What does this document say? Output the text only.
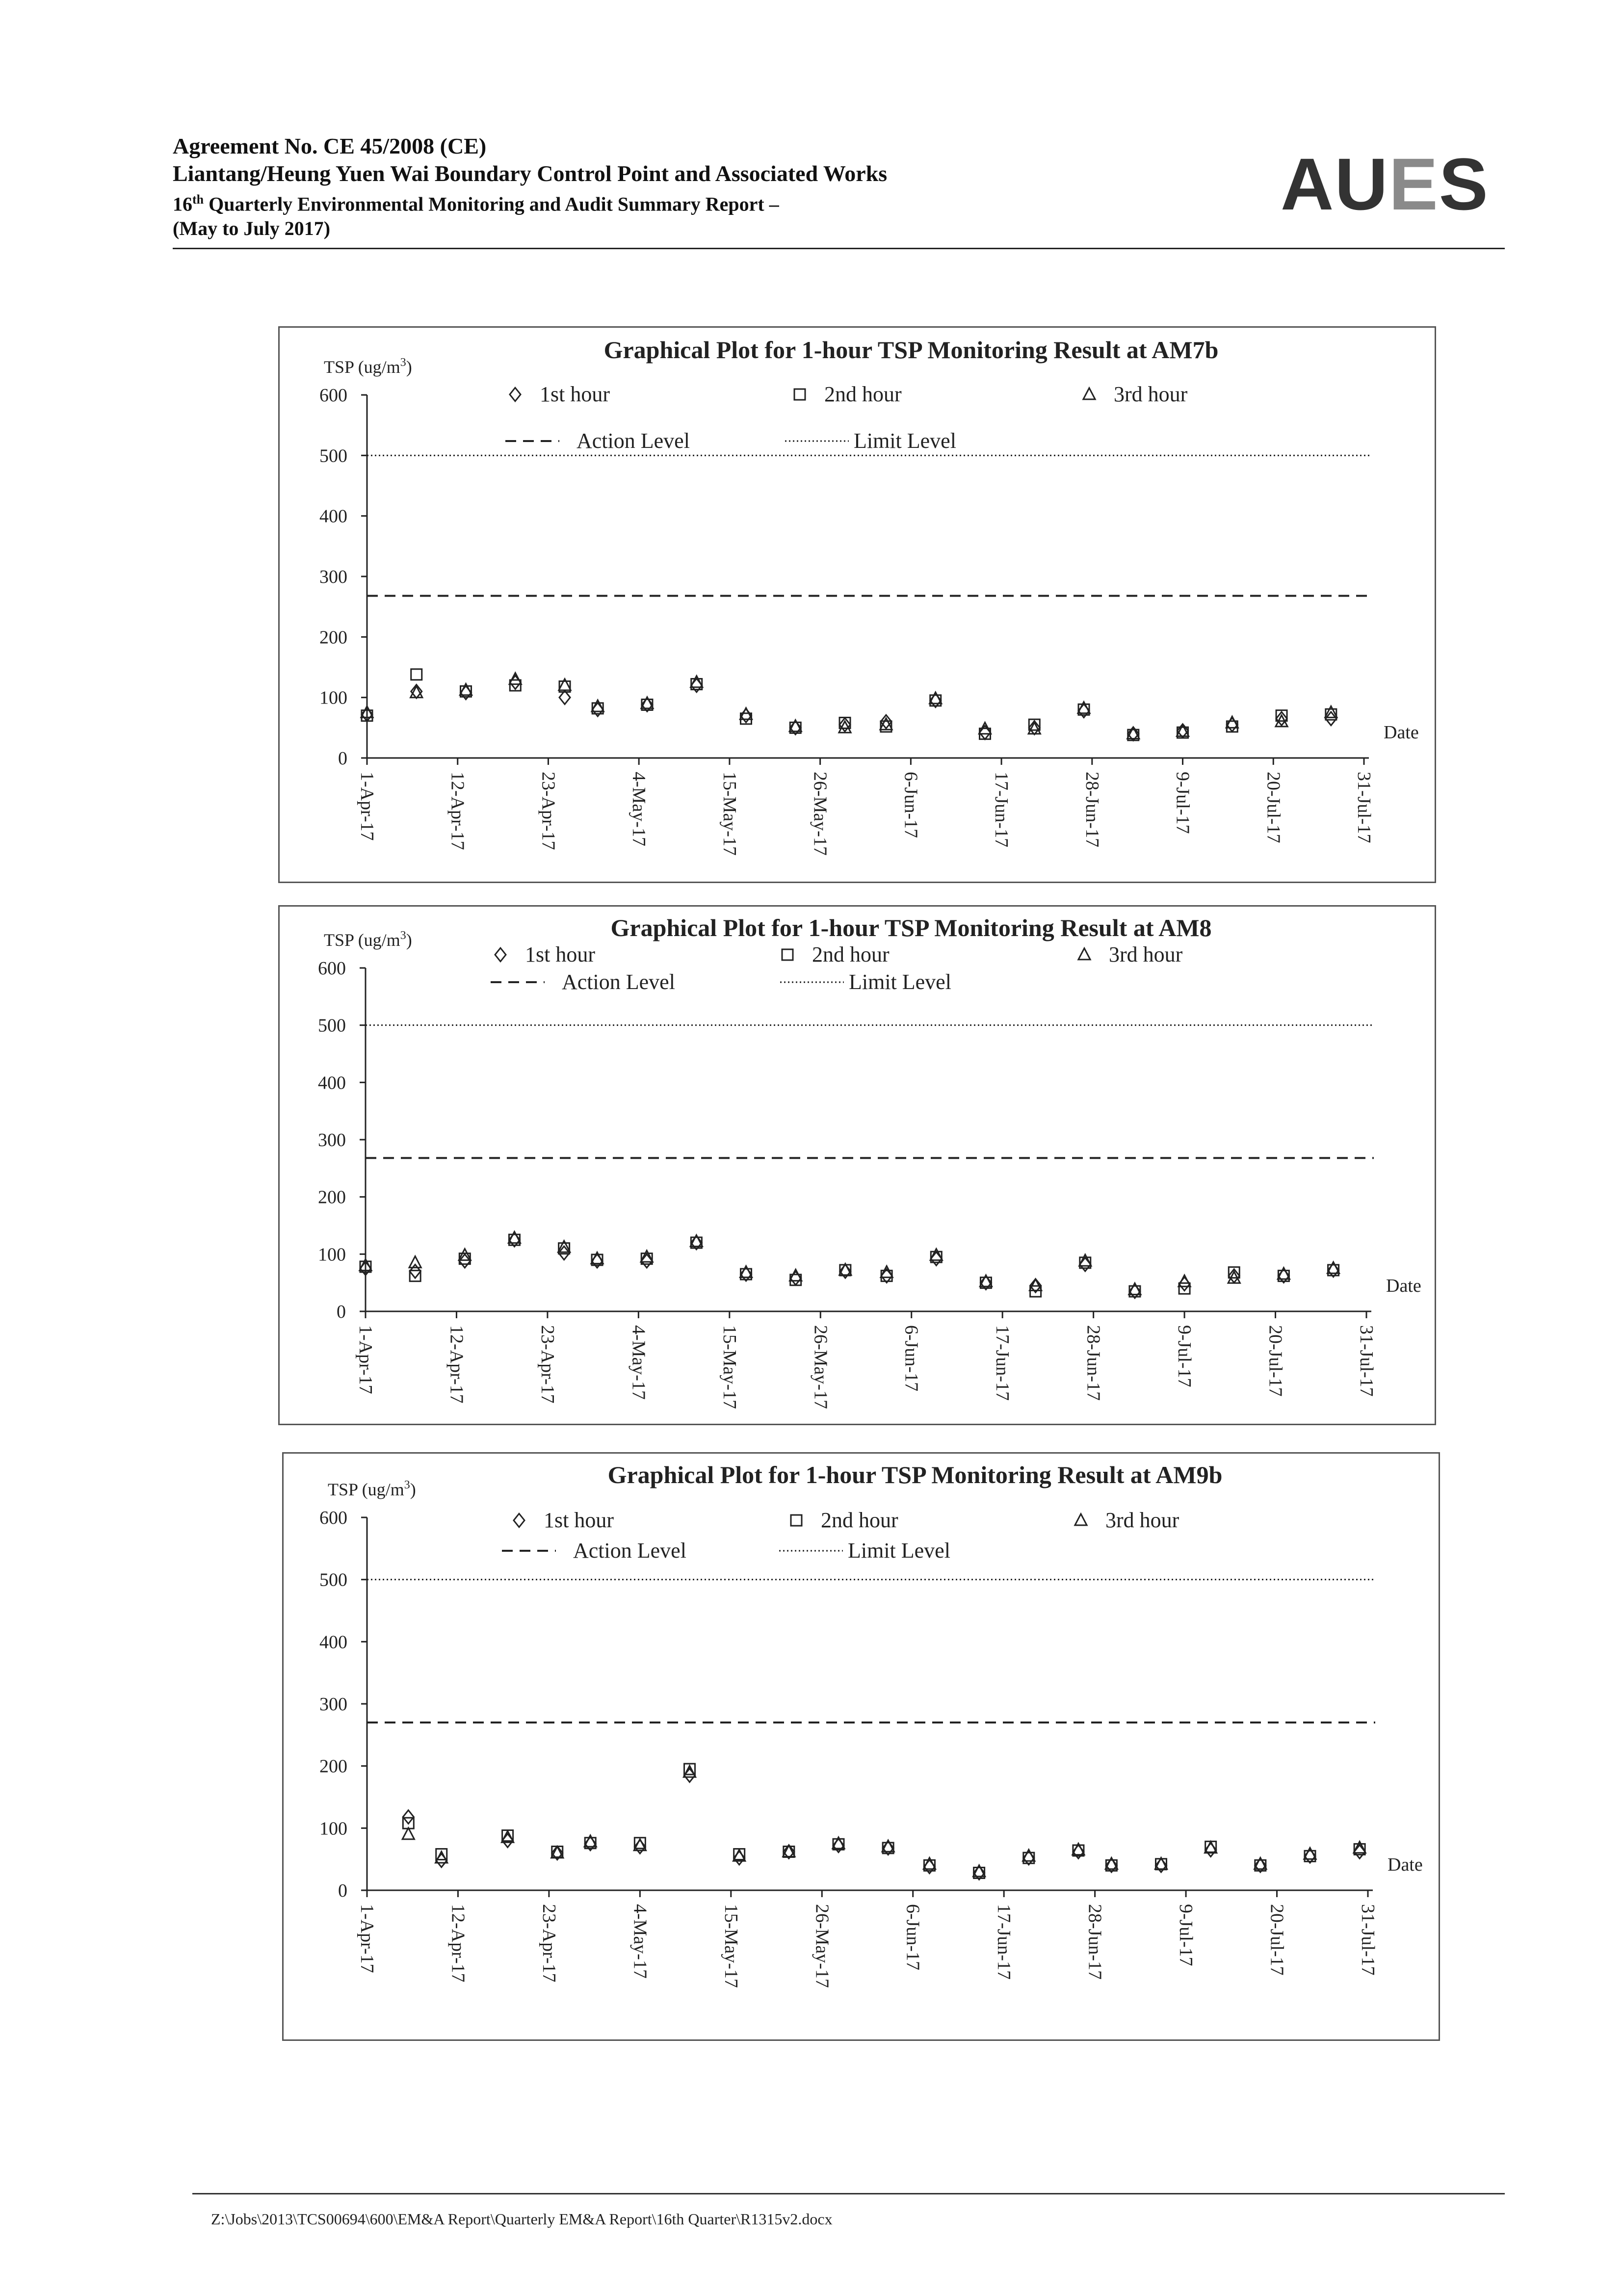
Agreement No. CE 45/2008 (CE)
Liantang/Heung Yuen Wai Boundary Control Point and Associated Works
16th Quarterly Environmental Monitoring and Audit Summary Report –
(May to July 2017)
AUES
Graphical Plot for 1-hour TSP Monitoring Result at AM7b
TSP $(ug/m^3)$
0
100
200
300
400
500
600
1-Apr-17	12-Apr-17	23-Apr-17	4-May-17	15-May-17	26-May-17	6-Jun-17	17-Jun-17	28-Jun-17	9-Jul-17	20-Jul-17	31-Jul-17
Date
1st hour	2nd hour	3rd hour
Action Level	Limit Level
Graphical Plot for 1-hour TSP Monitoring Result at AM8
TSP $(ug/m^3)$
0
100
200
300
400
500
600
1-Apr-17	12-Apr-17	23-Apr-17	4-May-17	15-May-17	26-May-17	6-Jun-17	17-Jun-17	28-Jun-17	9-Jul-17	20-Jul-17	31-Jul-17
Date
1st hour	2nd hour	3rd hour
Action Level	Limit Level
Graphical Plot for 1-hour TSP Monitoring Result at AM9b
TSP $(ug/m^3)$
0
100
200
300
400
500
600
1-Apr-17	12-Apr-17	23-Apr-17	4-May-17	15-May-17	26-May-17	6-Jun-17	17-Jun-17	28-Jun-17	9-Jul-17	20-Jul-17	31-Jul-17
Date
1st hour	2nd hour	3rd hour
Action Level	Limit Level
Z:\Jobs\2013\TCS00694\600\EM&A Report\Quarterly EM&A Report\16th Quarter\R1315v2.docx
